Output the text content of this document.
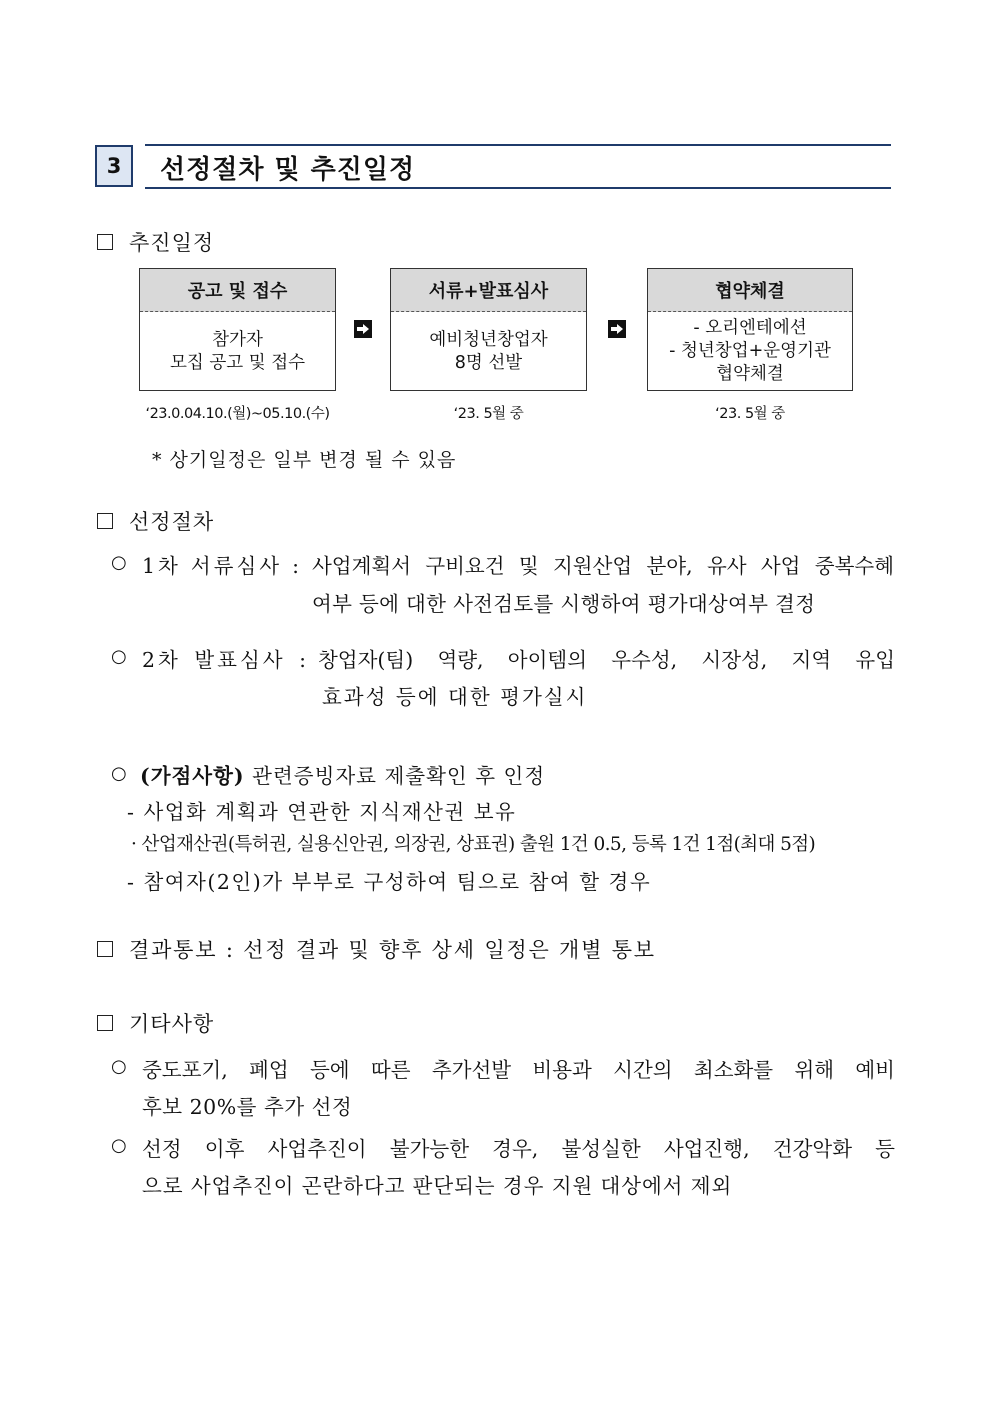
3	선정절차 및 추진일정
추진일정
공고 및 접수
참가자
모집 공고 및 접수
서류+발표심사
예비청년창업자
8명 선발
협약체결
- 오리엔테에션
- 청년창업+운영기관
협약체결
‘23.0.04.10.(월)~05.10.(수)	‘23. 5월 중	‘23. 5월 중
* 상기일정은 일부 변경 될 수 있음
선정절차
○ 1차 서류심사 : 사업계획서 구비요건 및 지원산업 분야, 유사 사업 중복수혜
여부 등에 대한 사전검토를 시행하여 평가대상여부 결정
○ 2차 발표심사 : 창업자(팀) 역량, 아이템의 우수성, 시장성, 지역 유입
효과성 등에 대한 평가실시
○ (가점사항) 관련증빙자료 제출확인 후 인정
- 사업화 계획과 연관한 지식재산권 보유
· 산업재산권(특허권, 실용신안권, 의장권, 상표권) 출원 1건 0.5, 등록 1건 1점(최대 5점)
- 참여자(2인)가 부부로 구성하여 팀으로 참여 할 경우
결과통보 : 선정 결과 및 향후 상세 일정은 개별 통보
기타사항
○ 중도포기, 폐업 등에 따른 추가선발 비용과 시간의 최소화를 위해 예비
후보 20%를 추가 선정
○ 선정 이후 사업추진이 불가능한 경우, 불성실한 사업진행, 건강악화 등
으로 사업추진이 곤란하다고 판단되는 경우 지원 대상에서 제외
